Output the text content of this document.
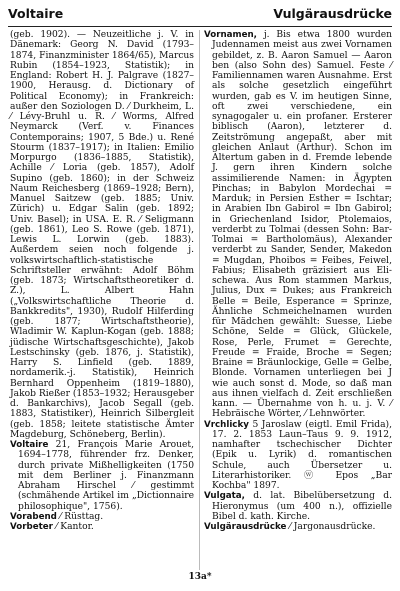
Voltaire	Vulgärausdrücke

(geb. 1902). — Neuzeitliche j. V. in Dänemark: Georg N. David (1793–1874, Finanzminister 1864/65), Marcus Rubin (1854–1923, Statistik); in England: Robert H. J. Palgrave (1827–1900, Herausg. d. Dictionary of Political Economy); in Frankreich: außer den Soziologen D. ⁄ Durkheim, L. ⁄ Lévy-Bruhl u. R. ⁄ Worms, Alfred Neymarck (Verf. v. Finances Contemporains; 1907, 5 Bde.) u. René Stourm (1837–1917); in Italien: Emilio Morpurgo (1836–1885, Statistik), Achille ⁄ Loria (geb. 1857), Adolf Supino (geb. 1860); in der Schweiz Naum Reichesberg (1869–1928; Bern), Manuel Saitzew (geb. 1885; Univ. Zürich) u. Edgar Salin (geb. 1892; Univ. Basel); in USA. E. R. ⁄ Seligmann (geb. 1861), Leo S. Rowe (geb. 1871), Lewis L. Lorwin (geb. 1883). Außerdem seien noch folgende j. volkswirtschaftlich-statistische Schriftsteller erwähnt: Adolf Böhm (geb. 1873; Wirtschaftstheoretiker d. Z.), L. Albert Hahn („Volkswirtschaftliche Theorie d. Bankkredits", 1930), Rudolf Hilferding (geb. 1877; Wirtschaftstheorie), Wladimir W. Kaplun-Kogan (geb. 1888; jüdische Wirtschaftsgeschichte), Jakob Lestschinsky (geb. 1876, j. Statistik), Harry S. Linfield (geb. 1889, nordamerik.-j. Statistik), Heinrich Bernhard Oppenheim (1819–1880), Jakob Rießer (1853–1932; Herausgeber d. Bankarchivs), Jacob Segall (geb. 1883, Statistiker), Heinrich Silbergleit (geb. 1858; leitete statistische Ämter Magdeburg, Schöneberg, Berlin).

Voltaire 21, François Marie Arouet, 1694–1778, führender frz. Denker, durch private Mißhelligkeiten (1750 mit dem Berliner j. Finanzmann Abraham Hirschel ⁄ gestimmt (schmähende Artikel im „Dictionnaire philosophique", 1756).

Vorabend ⁄ Rüsttag.

Vorbeter ⁄ Kantor.

Vornamen, j. Bis etwa 1800 wurden Judennamen meist aus zwei Vornamen gebildet, z. B. Aaron Samuel — Aaron ben (also Sohn des) Samuel. Feste ⁄ Familiennamen waren Ausnahme. Erst als solche gesetzlich eingeführt wurden, gab es V. im heutigen Sinne, oft zwei verschiedene, ein synagogaler u. ein profaner. Ersterer biblisch (Aaron), letzterer d. Zeitströmung angepaßt, aber mit gleichen Anlaut (Arthur). Schon im Altertum gaben in d. Fremde lebende J. gern ihren Kindern solche assimilierende Namen: in Ägypten Pinchas; in Babylon Mordechai = Marduk; in Persien Esther = Ischtar; in Arabien Ibn Gabirol = Ibn Gabirol; in Griechenland Isidor, Ptolemaios, verderbt zu Tolmai (dessen Sohn: Bar-Tolmai = Bartholomäus), Alexander verderbt zu Sander, Sender, Makedon = Mugdan, Phoibos = Feibes, Feiwel, Fabius; Elisabeth gräzisiert aus Eli-schewa. Aus Rom stammen Markus, Julius, Dux = Dukes; aus Frankreich Belle = Beile, Esperance = Sprinze, Ähnliche Schmeichelnamen wurden für Mädchen gewählt: Suesse, Liebe Schöne, Selde = Glück, Glückele, Rose, Perle, Frumet = Gerechte, Freude = Fraide, Broche = Segen; Braine = Bräunlockige, Gelle = Gelbe, Blonde. Vornamen unterliegen bei J wie auch sonst d. Mode, so daß man aus ihnen vielfach d. Zeit erschließen kann. — Übernahme von h. u. j. V. ⁄ Hebräische Wörter, ⁄ Lehnwörter.

Vrchlicky 5 Jaroslaw (eigtl. Emil Frida), 17. 2. 1853 Laun–Taus 9. 9. 1912, namhafter tschechischer Dichter (Epik u. Lyrik) d. romantischen Schule, auch Übersetzer u. Literarhistoriker. ⓦ Epos „Bar Kochba" 1897.

Vulgata, d. lat. Bibelübersetzung d. Hieronymus (um 400 n.), offizielle Bibel d. kath. Kirche.

Vulgärausdrücke ⁄ Jargonausdrücke.

13a*
